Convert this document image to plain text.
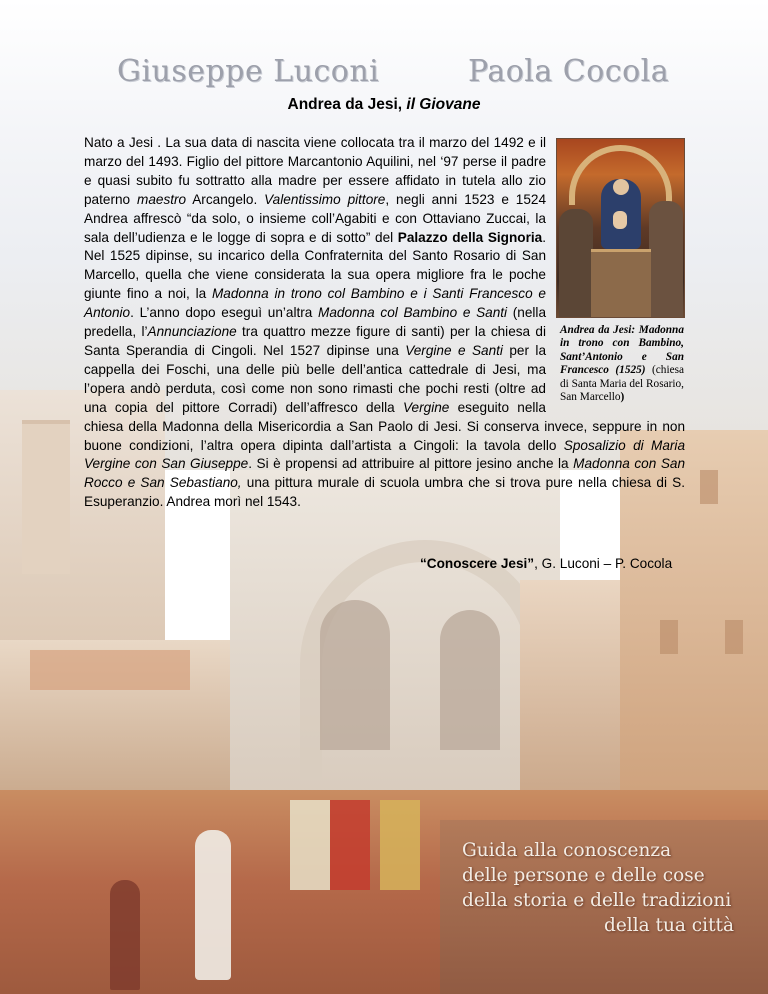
Giuseppe Luconi	Paola Cocola
Andrea da Jesi, il Giovane
Andrea da Jesi: Madonna in trono con Bambino, Sant’Antonio e San Francesco (1525) (chiesa di Santa Maria del Rosario, San Marcello)
Nato a Jesi . La sua data di nascita viene collocata tra il marzo del 1492 e il marzo del 1493. Figlio del pittore Marcantonio Aquilini, nel ‘97 perse il padre e quasi subito fu sottratto alla madre per essere affidato in tutela allo zio paterno maestro Arcangelo. Valentissimo pittore, negli anni 1523 e 1524 Andrea affrescò “da solo, o insieme coll’Agabiti e con Ottaviano Zuccai, la sala dell’udienza e le logge di sopra e di sotto” del Palazzo della Signoria. Nel 1525 dipinse, su incarico della Confraternita del Santo Rosario di San Marcello, quella che viene considerata la sua opera migliore fra le poche giunte fino a noi, la Madonna in trono col Bambino e i Santi Francesco e Antonio. L’anno dopo eseguì un’altra Madonna col Bambino e Santi (nella predella, l’Annunciazione tra quattro mezze figure di santi) per la chiesa di Santa Sperandia di Cingoli. Nel 1527 dipinse una Vergine e Santi per la cappella dei Foschi, una delle più belle dell’antica cattedrale di Jesi, ma l’opera andò perduta, così come non sono rimasti che pochi resti (oltre ad una copia del pittore Corradi) dell’affresco della Vergine eseguito nella chiesa della Madonna della Misericordia a San Paolo di Jesi. Si conserva invece, seppure in non buone condizioni, l’altra opera dipinta dall’artista a Cingoli: la tavola dello Sposalizio di Maria Vergine con San Giuseppe. Si è propensi ad attribuire al pittore jesino anche la Madonna con San Rocco e San Sebastiano, una pittura murale di scuola umbra che si trova pure nella chiesa di S. Esuperanzio. Andrea morì nel 1543.
“Conoscere Jesi”, G. Luconi – P. Cocola
Guida alla conoscenza
delle persone e delle cose
della storia e delle tradizioni
della tua città
